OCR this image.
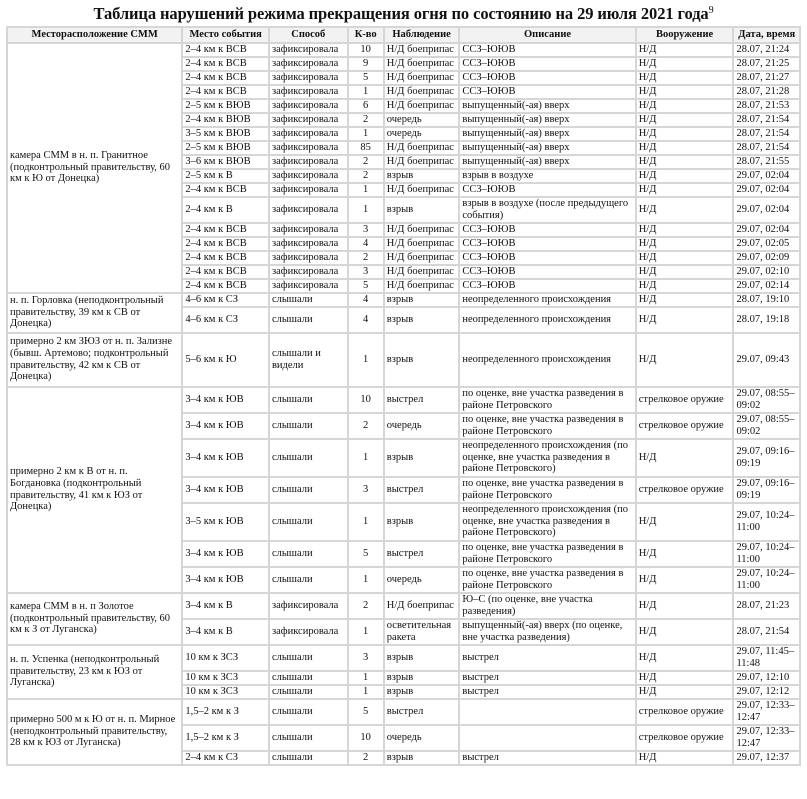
Таблица нарушений режима прекращения огня по состоянию на 29 июля 2021 года$^9$
Месторасположение СММ	Место события	Способ	К-во	Наблюдение	Описание	Вооружение	Дата, время
камера СММ в н. п. Гранитное (подконтрольный правительству, 60 км к Ю от Донецка)	2–4 км к ВСВ	зафиксировала	10	Н/Д боеприпас	ССЗ–ЮЮВ	Н/Д	28.07, 21:24
	2–4 км к ВСВ	зафиксировала	9	Н/Д боеприпас	ССЗ–ЮЮВ	Н/Д	28.07, 21:25
	2–4 км к ВСВ	зафиксировала	5	Н/Д боеприпас	ССЗ–ЮЮВ	Н/Д	28.07, 21:27
	2–4 км к ВСВ	зафиксировала	1	Н/Д боеприпас	ССЗ–ЮЮВ	Н/Д	28.07, 21:28
	2–5 км к ВЮВ	зафиксировала	6	Н/Д боеприпас	выпущенный(-ая) вверх	Н/Д	28.07, 21:53
	2–4 км к ВЮВ	зафиксировала	2	очередь	выпущенный(-ая) вверх	Н/Д	28.07, 21:54
	3–5 км к ВЮВ	зафиксировала	1	очередь	выпущенный(-ая) вверх	Н/Д	28.07, 21:54
	2–5 км к ВЮВ	зафиксировала	85	Н/Д боеприпас	выпущенный(-ая) вверх	Н/Д	28.07, 21:54
	3–6 км к ВЮВ	зафиксировала	2	Н/Д боеприпас	выпущенный(-ая) вверх	Н/Д	28.07, 21:55
	2–5 км к В	зафиксировала	2	взрыв	взрыв в воздухе	Н/Д	29.07, 02:04
	2–4 км к ВСВ	зафиксировала	1	Н/Д боеприпас	ССЗ–ЮЮВ	Н/Д	29.07, 02:04
	2–4 км к В	зафиксировала	1	взрыв	взрыв в воздухе (после предыдущего события)	Н/Д	29.07, 02:04
	2–4 км к ВСВ	зафиксировала	3	Н/Д боеприпас	ССЗ–ЮЮВ	Н/Д	29.07, 02:04
	2–4 км к ВСВ	зафиксировала	4	Н/Д боеприпас	ССЗ–ЮЮВ	Н/Д	29.07, 02:05
	2–4 км к ВСВ	зафиксировала	2	Н/Д боеприпас	ССЗ–ЮЮВ	Н/Д	29.07, 02:09
	2–4 км к ВСВ	зафиксировала	3	Н/Д боеприпас	ССЗ–ЮЮВ	Н/Д	29.07, 02:10
	2–4 км к ВСВ	зафиксировала	5	Н/Д боеприпас	ССЗ–ЮЮВ	Н/Д	29.07, 02:14
н. п. Горловка (неподконтрольный правительству, 39 км к СВ от Донецка)	4–6 км к СЗ	слышали	4	взрыв	неопределенного происхождения	Н/Д	28.07, 19:10
	4–6 км к СЗ	слышали	4	взрыв	неопределенного происхождения	Н/Д	28.07, 19:18
примерно 2 км ЗЮЗ от н. п. Зализне (бывш. Артемово; подконтрольный правительству, 42 км к СВ от Донецка)	5–6 км к Ю	слышали и видели	1	взрыв	неопределенного происхождения	Н/Д	29.07, 09:43
примерно 2 км к В от н. п. Богдановка (подконтрольный правительству, 41 км к ЮЗ от Донецка)	3–4 км к ЮВ	слышали	10	выстрел	по оценке, вне участка разведения в районе Петровского	стрелковое оружие	29.07, 08:55–09:02
	3–4 км к ЮВ	слышали	2	очередь	по оценке, вне участка разведения в районе Петровского	стрелковое оружие	29.07, 08:55–09:02
	3–4 км к ЮВ	слышали	1	взрыв	неопределенного происхождения (по оценке, вне участка разведения в районе Петровского)	Н/Д	29.07, 09:16–09:19
	3–4 км к ЮВ	слышали	3	выстрел	по оценке, вне участка разведения в районе Петровского	стрелковое оружие	29.07, 09:16–09:19
	3–5 км к ЮВ	слышали	1	взрыв	неопределенного происхождения (по оценке, вне участка разведения в районе Петровского)	Н/Д	29.07, 10:24–11:00
	3–4 км к ЮВ	слышали	5	выстрел	по оценке, вне участка разведения в районе Петровского	Н/Д	29.07, 10:24–11:00
	3–4 км к ЮВ	слышали	1	очередь	по оценке, вне участка разведения в районе Петровского	Н/Д	29.07, 10:24–11:00
камера СММ в н. п Золотое (подконтрольный правительству, 60 км к З от Луганска)	3–4 км к В	зафиксировала	2	Н/Д боеприпас	Ю–С (по оценке, вне участка разведения)	Н/Д	28.07, 21:23
	3–4 км к В	зафиксировала	1	осветительная ракета	выпущенный(-ая) вверх (по оценке, вне участка разведения)	Н/Д	28.07, 21:54
н. п. Успенка (неподконтрольный правительству, 23 км к ЮЗ от Луганска)	10 км к ЗСЗ	слышали	3	взрыв	выстрел	Н/Д	29.07, 11:45–11:48
	10 км к ЗСЗ	слышали	1	взрыв	выстрел	Н/Д	29.07, 12:10
	10 км к ЗСЗ	слышали	1	взрыв	выстрел	Н/Д	29.07, 12:12
примерно 500 м к Ю от н. п. Мирное (неподконтрольный правительству, 28 км к ЮЗ от Луганска)	1,5–2 км к З	слышали	5	выстрел		стрелковое оружие	29.07, 12:33–12:47
	1,5–2 км к З	слышали	10	очередь		стрелковое оружие	29.07, 12:33–12:47
	2–4 км к СЗ	слышали	2	взрыв	выстрел	Н/Д	29.07, 12:37
